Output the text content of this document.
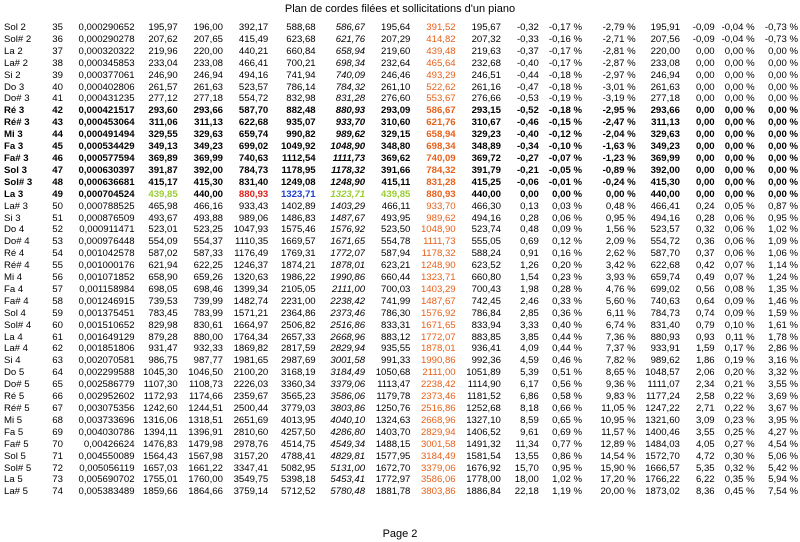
Plan de cordes filées et sollicitations d'un piano
Sol 2	35	0,000290652	195,97	196,00	392,17	588,68	586,67	195,64	391,52	195,67	-0,32	-0,17 %	-2,79 %	195,91	-0,09	-0,04 %	-0,73 %
Sol# 2	36	0,000290278	207,62	207,65	415,49	623,68	621,76	207,29	414,82	207,32	-0,33	-0,16 %	-2,71 %	207,56	-0,09	-0,04 %	-0,73 %
La 2	37	0,000320322	219,96	220,00	440,21	660,84	658,94	219,60	439,48	219,63	-0,37	-0,17 %	-2,81 %	220,00	0,00	0,00 %	0,00 %
La# 2	38	0,000345853	233,04	233,08	466,41	700,21	698,34	232,64	465,64	232,68	-0,40	-0,17 %	-2,87 %	233,08	0,00	0,00 %	0,00 %
Si 2	39	0,000377061	246,90	246,94	494,16	741,94	740,09	246,46	493,29	246,51	-0,44	-0,18 %	-2,97 %	246,94	0,00	0,00 %	0,00 %
Do 3	40	0,000402806	261,57	261,63	523,57	786,14	784,32	261,10	522,62	261,16	-0,47	-0,18 %	-3,01 %	261,63	0,00	0,00 %	0,00 %
Do# 3	41	0,000431235	277,12	277,18	554,72	832,98	831,28	276,60	553,67	276,66	-0,53	-0,19 %	-3,19 %	277,18	0,00	0,00 %	0,00 %
Ré 3	42	0,000421517	293,60	293,66	587,70	882,48	880,93	293,09	586,67	293,15	-0,52	-0,18 %	-2,95 %	293,66	0,00	0,00 %	0,00 %
Ré# 3	43	0,000453064	311,06	311,13	622,68	935,07	933,70	310,60	621,76	310,67	-0,46	-0,15 %	-2,47 %	311,13	0,00	0,00 %	0,00 %
Mi 3	44	0,000491494	329,55	329,63	659,74	990,82	989,62	329,15	658,94	329,23	-0,40	-0,12 %	-2,04 %	329,63	0,00	0,00 %	0,00 %
Fa 3	45	0,000534429	349,13	349,23	699,02	1049,92	1048,90	348,80	698,34	348,89	-0,34	-0,10 %	-1,63 %	349,23	0,00	0,00 %	0,00 %
Fa# 3	46	0,000577594	369,89	369,99	740,63	1112,54	1111,73	369,62	740,09	369,72	-0,27	-0,07 %	-1,23 %	369,99	0,00	0,00 %	0,00 %
Sol 3	47	0,000630397	391,87	392,00	784,73	1178,95	1178,32	391,66	784,32	391,79	-0,21	-0,05 %	-0,89 %	392,00	0,00	0,00 %	0,00 %
Sol# 3	48	0,000636681	415,17	415,30	831,40	1249,08	1248,90	415,11	831,28	415,25	-0,06	-0,01 %	-0,24 %	415,30	0,00	0,00 %	0,00 %
La 3	49	0,000704524	439,85	440,00	880,93	1323,71	1323,71	439,85	880,93	440,00	0,00	0,00 %	0,00 %	440,00	0,00	0,00 %	0,00 %
La# 3	50	0,000788525	465,98	466,16	933,43	1402,89	1403,29	466,11	933,70	466,30	0,13	0,03 %	0,48 %	466,41	0,24	0,05 %	0,87 %
Si 3	51	0,000876509	493,67	493,88	989,06	1486,83	1487,67	493,95	989,62	494,16	0,28	0,06 %	0,95 %	494,16	0,28	0,06 %	0,95 %
Do 4	52	0,000911471	523,01	523,25	1047,93	1575,46	1576,92	523,50	1048,90	523,74	0,48	0,09 %	1,56 %	523,57	0,32	0,06 %	1,02 %
Do# 4	53	0,000976448	554,09	554,37	1110,35	1669,57	1671,65	554,78	1111,73	555,05	0,69	0,12 %	2,09 %	554,72	0,36	0,06 %	1,09 %
Ré 4	54	0,001042578	587,02	587,33	1176,49	1769,31	1772,07	587,94	1178,32	588,24	0,91	0,16 %	2,62 %	587,70	0,37	0,06 %	1,06 %
Ré# 4	55	0,001000176	621,94	622,25	1246,37	1874,21	1878,01	623,21	1248,90	623,52	1,26	0,20 %	3,42 %	622,68	0,42	0,07 %	1,14 %
Mi 4	56	0,001071852	658,90	659,26	1320,63	1986,22	1990,86	660,44	1323,71	660,80	1,54	0,23 %	3,93 %	659,74	0,49	0,07 %	1,24 %
Fa 4	57	0,001158984	698,05	698,46	1399,34	2105,05	2111,00	700,03	1403,29	700,43	1,98	0,28 %	4,76 %	699,02	0,56	0,08 %	1,35 %
Fa# 4	58	0,001246915	739,53	739,99	1482,74	2231,00	2238,42	741,99	1487,67	742,45	2,46	0,33 %	5,60 %	740,63	0,64	0,09 %	1,46 %
Sol 4	59	0,001375451	783,45	783,99	1571,21	2364,86	2373,46	786,30	1576,92	786,84	2,85	0,36 %	6,11 %	784,73	0,74	0,09 %	1,59 %
Sol# 4	60	0,001510652	829,98	830,61	1664,97	2506,82	2516,86	833,31	1671,65	833,94	3,33	0,40 %	6,74 %	831,40	0,79	0,10 %	1,61 %
La 4	61	0,001649129	879,28	880,00	1764,34	2657,33	2668,96	883,12	1772,07	883,85	3,85	0,44 %	7,36 %	880,93	0,93	0,11 %	1,78 %
La# 4	62	0,001851806	931,47	932,33	1869,82	2817,59	2829,94	935,55	1878,01	936,41	4,09	0,44 %	7,37 %	933,91	1,59	0,17 %	2,86 %
Si 4	63	0,002070581	986,75	987,77	1981,65	2987,69	3001,58	991,33	1990,86	992,36	4,59	0,46 %	7,82 %	989,62	1,86	0,19 %	3,16 %
Do 5	64	0,002299588	1045,30	1046,50	2100,20	3168,19	3184,49	1050,68	2111,00	1051,89	5,39	0,51 %	8,65 %	1048,57	2,06	0,20 %	3,32 %
Do# 5	65	0,002586779	1107,30	1108,73	2226,03	3360,34	3379,06	1113,47	2238,42	1114,90	6,17	0,56 %	9,36 %	1111,07	2,34	0,21 %	3,55 %
Ré 5	66	0,002952602	1172,93	1174,66	2359,67	3565,23	3586,06	1179,78	2373,46	1181,52	6,86	0,58 %	9,83 %	1177,24	2,58	0,22 %	3,69 %
Ré# 5	67	0,003075356	1242,60	1244,51	2500,44	3779,03	3803,86	1250,76	2516,86	1252,68	8,18	0,66 %	11,05 %	1247,22	2,71	0,22 %	3,67 %
Mi 5	68	0,003733696	1316,06	1318,51	2651,69	4013,95	4040,10	1324,63	2668,96	1327,10	8,59	0,65 %	10,95 %	1321,60	3,09	0,23 %	3,95 %
Fa 5	69	0,004030786	1394,11	1396,91	2810,60	4257,50	4286,80	1403,70	2829,94	1406,52	9,61	0,69 %	11,57 %	1400,46	3,55	0,25 %	4,27 %
Fa# 5	70	0,00426624	1476,83	1479,98	2978,76	4514,75	4549,34	1488,15	3001,58	1491,32	11,34	0,77 %	12,89 %	1484,03	4,05	0,27 %	4,54 %
Sol 5	71	0,004550089	1564,43	1567,98	3157,20	4788,41	4829,81	1577,95	3184,49	1581,54	13,55	0,86 %	14,54 %	1572,70	4,72	0,30 %	5,06 %
Sol# 5	72	0,005056119	1657,03	1661,22	3347,41	5082,95	5131,00	1672,70	3379,06	1676,92	15,70	0,95 %	15,90 %	1666,57	5,35	0,32 %	5,42 %
La 5	73	0,005690702	1755,01	1760,00	3549,75	5398,18	5453,41	1772,97	3586,06	1778,00	18,00	1,02 %	17,20 %	1766,22	6,22	0,35 %	5,94 %
La# 5	74	0,005383489	1859,66	1864,66	3759,14	5712,52	5780,48	1881,78	3803,86	1886,84	22,18	1,19 %	20,00 %	1873,02	8,36	0,45 %	7,54 %
Page 2
